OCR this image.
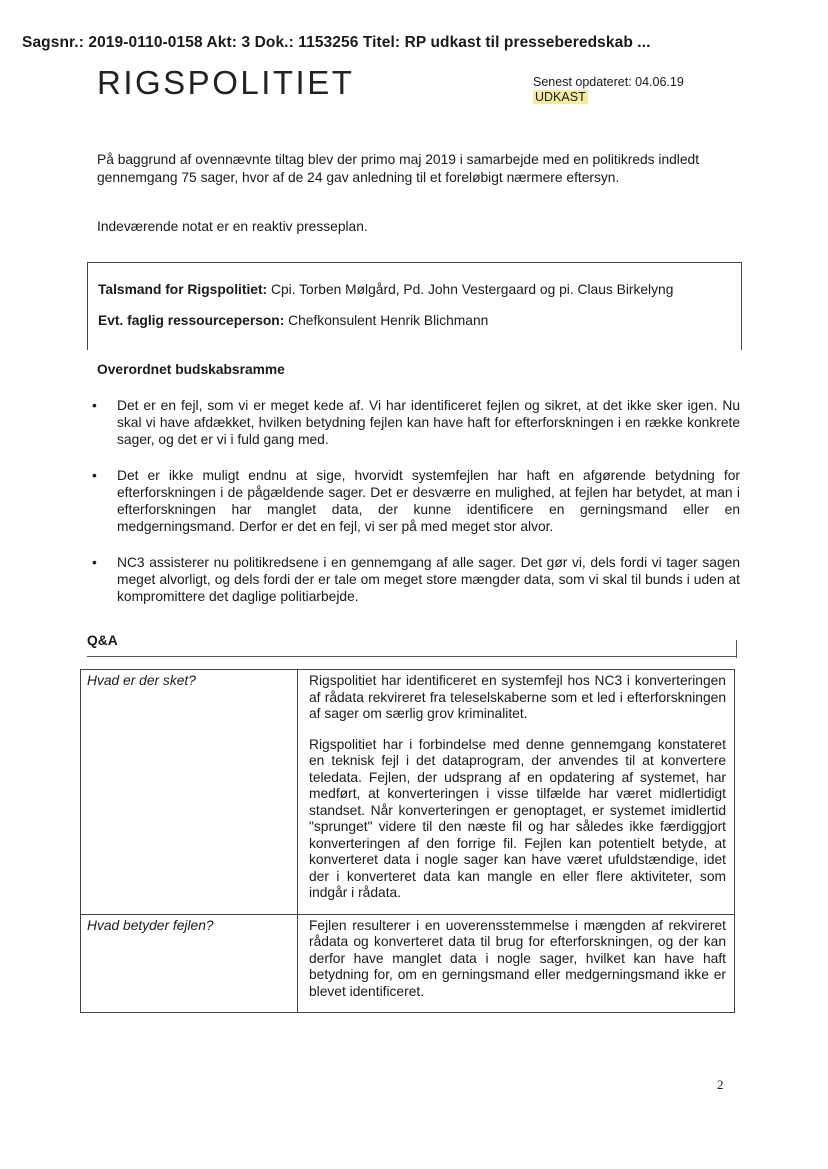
Sagsnr.: 2019-0110-0158 Akt: 3 Dok.: 1153256 Titel: RP udkast til presseberedskab ...
RIGSPOLITIET	Senest opdateret: 04.06.19
UDKAST

På baggrund af ovennævnte tiltag blev der primo maj 2019 i samarbejde med en politikreds indledt gennemgang 75 sager, hvor af de 24 gav anledning til et foreløbigt nærmere eftersyn.

Indeværende notat er en reaktiv presseplan.

Talsmand for Rigspolitiet: Cpi. Torben Mølgård, Pd. John Vestergaard og pi. Claus Birkelyng

Evt. faglig ressourceperson: Chefkonsulent Henrik Blichmann

Overordnet budskabsramme
• Det er en fejl, som vi er meget kede af. Vi har identificeret fejlen og sikret, at det ikke sker igen. Nu skal vi have afdækket, hvilken betydning fejlen kan have haft for efterforskningen i en række konkrete sager, og det er vi i fuld gang med.
• Det er ikke muligt endnu at sige, hvorvidt systemfejlen har haft en afgørende betydning for efterforskningen i de pågældende sager. Det er desværre en mulighed, at fejlen har betydet, at man i efterforskningen har manglet data, der kunne identificere en gerningsmand eller en medgerningsmand. Derfor er det en fejl, vi ser på med meget stor alvor.
• NC3 assisterer nu politikredsene i en gennemgang af alle sager. Det gør vi, dels fordi vi tager sagen meget alvorligt, og dels fordi der er tale om meget store mængder data, som vi skal til bunds i uden at kompromittere det daglige politiarbejde.
Q&A
Hvad er der sket?	Rigspolitiet har identificeret en systemfejl hos NC3 i konverteringen af rådata rekvireret fra teleselskaberne som et led i efterforskningen af sager om særlig grov kriminalitet.

Rigspolitiet har i forbindelse med denne gennemgang konstateret en teknisk fejl i det dataprogram, der anvendes til at konvertere teledata. Fejlen, der udsprang af en opdatering af systemet, har medført, at konverteringen i visse tilfælde har været midlertidigt standset. Når konverteringen er genoptaget, er systemet imidlertid "sprunget" videre til den næste fil og har således ikke færdiggjort konverteringen af den forrige fil. Fejlen kan potentielt betyde, at konverteret data i nogle sager kan have været ufuldstændige, idet der i konverteret data kan mangle en eller flere aktiviteter, som indgår i rådata.

Hvad betyder fejlen?	Fejlen resulterer i en uoverensstemmelse i mængden af rekvireret rådata og konverteret data til brug for efterforskningen, og der kan derfor have manglet data i nogle sager, hvilket kan have haft betydning for, om en gerningsmand eller medgerningsmand ikke er blevet identificeret.

2
